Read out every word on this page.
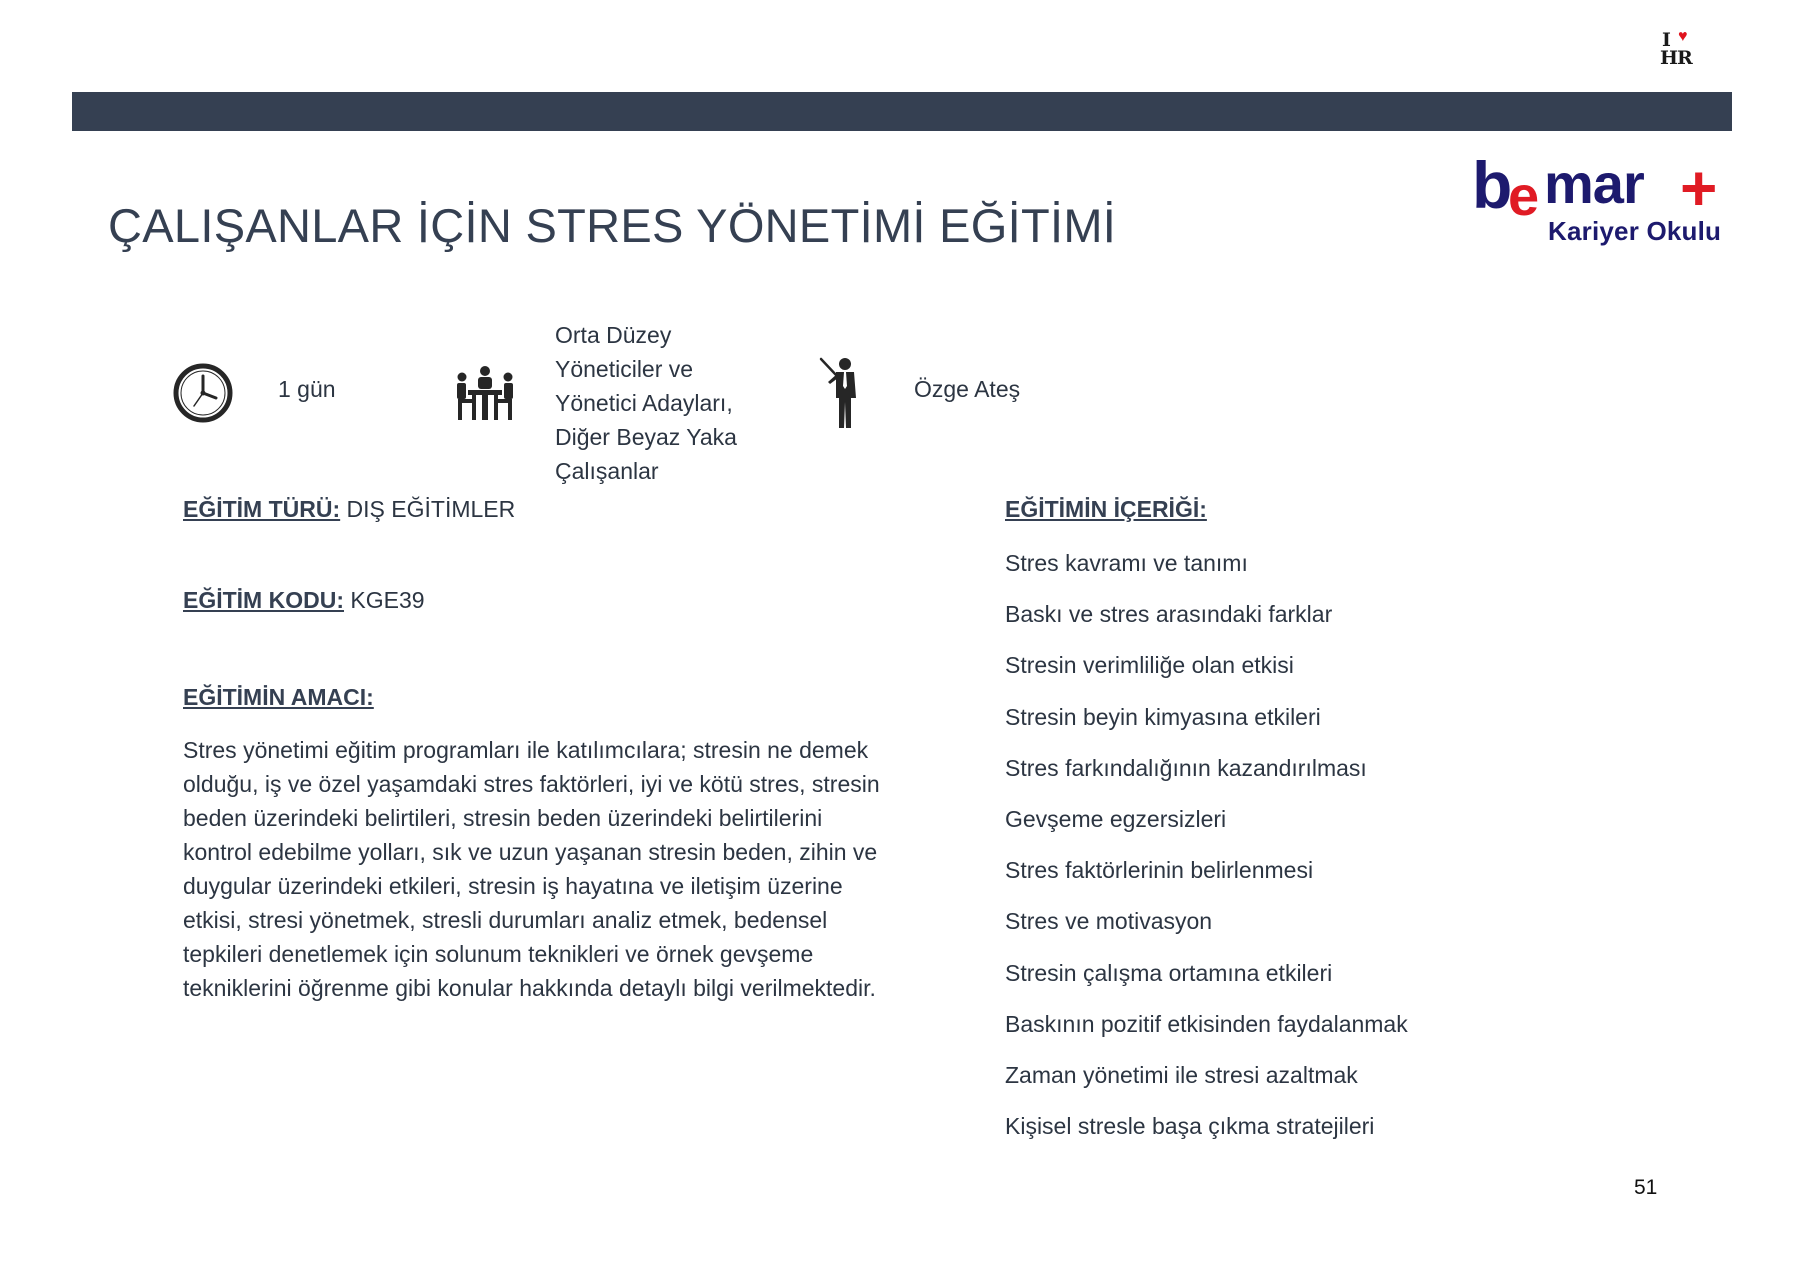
I ♥
HR
ÇALIŞANLAR İÇİN STRES YÖNETİMİ EĞİTİMİ
b
e mar +
Kariyer Okulu
1 gün
Orta Düzey
Yöneticiler ve
Yönetici Adayları,
Diğer Beyaz Yaka
Çalışanlar
Özge Ateş
EĞİTİM TÜRÜ: DIŞ EĞİTİMLER
EĞİTİM KODU: KGE39
EĞİTİMİN AMACI:
Stres yönetimi eğitim programları ile katılımcılara; stresin ne demek
olduğu, iş ve özel yaşamdaki stres faktörleri, iyi ve kötü stres, stresin
beden üzerindeki belirtileri, stresin beden üzerindeki belirtilerini
kontrol edebilme yolları, sık ve uzun yaşanan stresin beden, zihin ve
duygular üzerindeki etkileri, stresin iş hayatına ve iletişim üzerine
etkisi, stresi yönetmek, stresli durumları analiz etmek, bedensel
tepkileri denetlemek için solunum teknikleri ve örnek gevşeme
tekniklerini öğrenme gibi konular hakkında detaylı bilgi verilmektedir.
EĞİTİMİN İÇERİĞİ:
Stres kavramı ve tanımı
Baskı ve stres arasındaki farklar
Stresin verimliliğe olan etkisi
Stresin beyin kimyasına etkileri
Stres farkındalığının kazandırılması
Gevşeme egzersizleri
Stres faktörlerinin belirlenmesi
Stres ve motivasyon
Stresin çalışma ortamına etkileri
Baskının pozitif etkisinden faydalanmak
Zaman yönetimi ile stresi azaltmak
Kişisel stresle başa çıkma stratejileri
51
